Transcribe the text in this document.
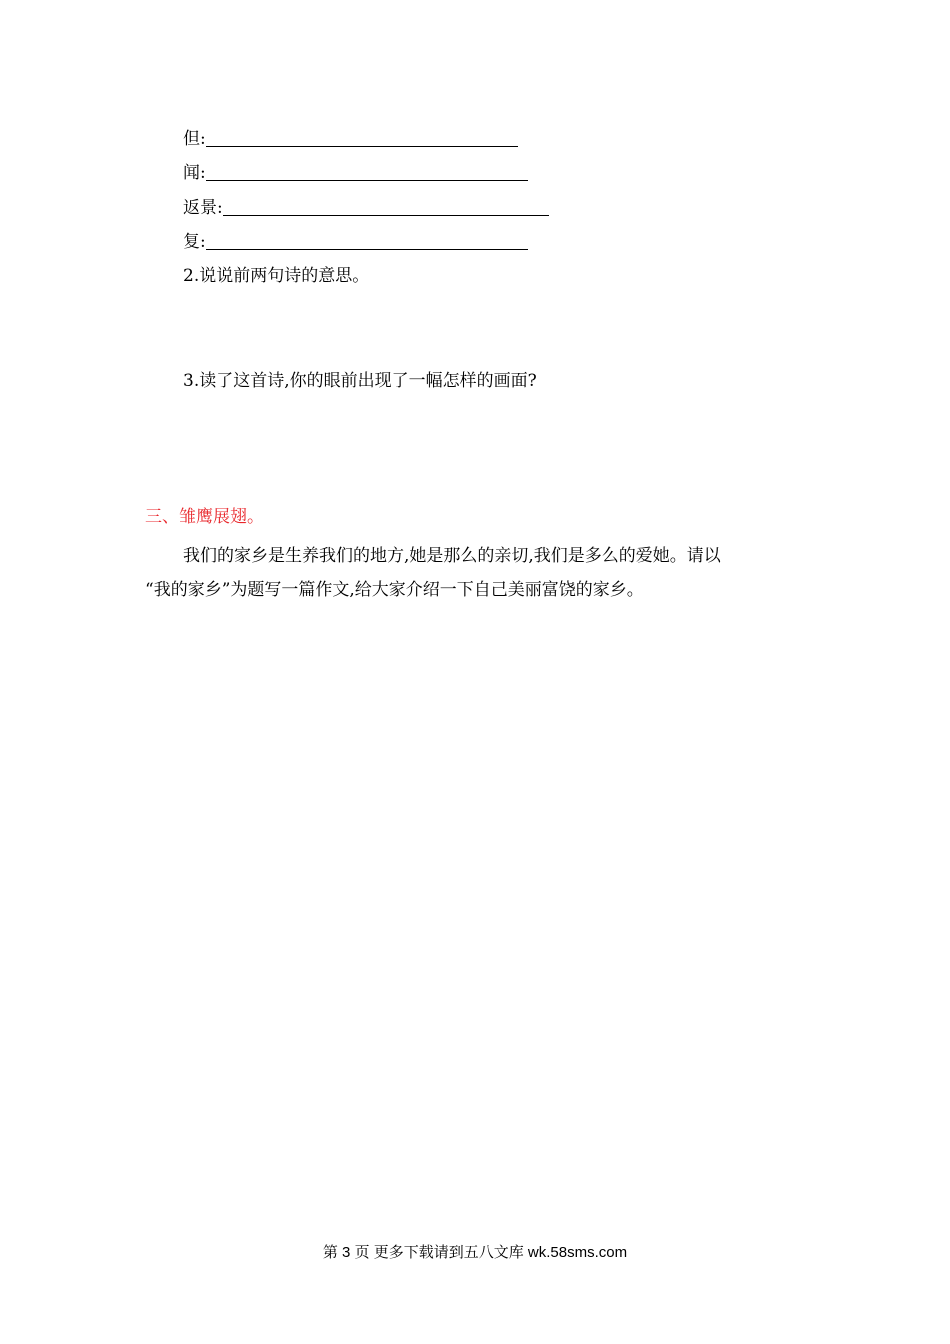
但:
闻:
返景:
复:
2.说说前两句诗的意思。
3.读了这首诗,你的眼前出现了一幅怎样的画面?
三、雏鹰展翅。
我们的家乡是生养我们的地方,她是那么的亲切,我们是多么的爱她。请以
“我的家乡”为题写一篇作文,给大家介绍一下自己美丽富饶的家乡。
第 3 页 更多下载请到五八文库 wk.58sms.com
